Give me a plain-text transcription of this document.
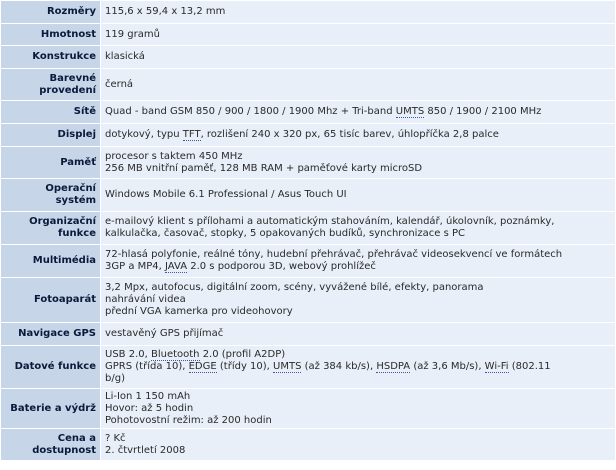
Rozměry	115,6 x 59,4 x 13,2 mm

Hmotnost	119 gramů

Konstrukce	klasická

Barevné
provedení	černá

Sítě	Quad - band GSM 850 / 900 / 1800 / 1900 Mhz + Tri-band UMTS 850 / 1900 / 2100 MHz

Displej	dotykový, typu TFT, rozlišení 240 x 320 px, 65 tisíc barev, úhlopříčka 2,8 palce

Paměť	procesor s taktem 450 MHz
256 MB vnitřní paměť, 128 MB RAM + paměťové karty microSD

Operační
systém	Windows Mobile 6.1 Professional / Asus Touch UI

Organizační
funkce	e-mailový klient s přílohami a automatickým stahováním, kalendář, úkolovník, poznámky,
kalkulačka, časovač, stopky, 5 opakovaných budíků, synchronizace s PC

Multimédia	72-hlasá polyfonie, reálné tóny, hudební přehrávač, přehrávač videosekvencí ve formátech
3GP a MP4, JAVA 2.0 s podporou 3D, webový prohlížeč

Fotoaparát	3,2 Mpx, autofocus, digitální zoom, scény, vyvážené bílé, efekty, panorama
nahrávání videa
přední VGA kamerka pro videohovory

Navigace GPS	vestavěný GPS přijímač

Datové funkce	USB 2.0, Bluetooth 2.0 (profil A2DP)
GPRS (třída 10), EDGE (třídy 10), UMTS (až 384 kb/s), HSDPA (až 3,6 Mb/s), Wi-Fi (802.11
b/g)

Baterie a výdrž	Li-Ion 1 150 mAh
Hovor: až 5 hodin
Pohotovostní režim: až 200 hodin

Cena a
dostupnost	? Kč
2. čtvrtletí 2008
